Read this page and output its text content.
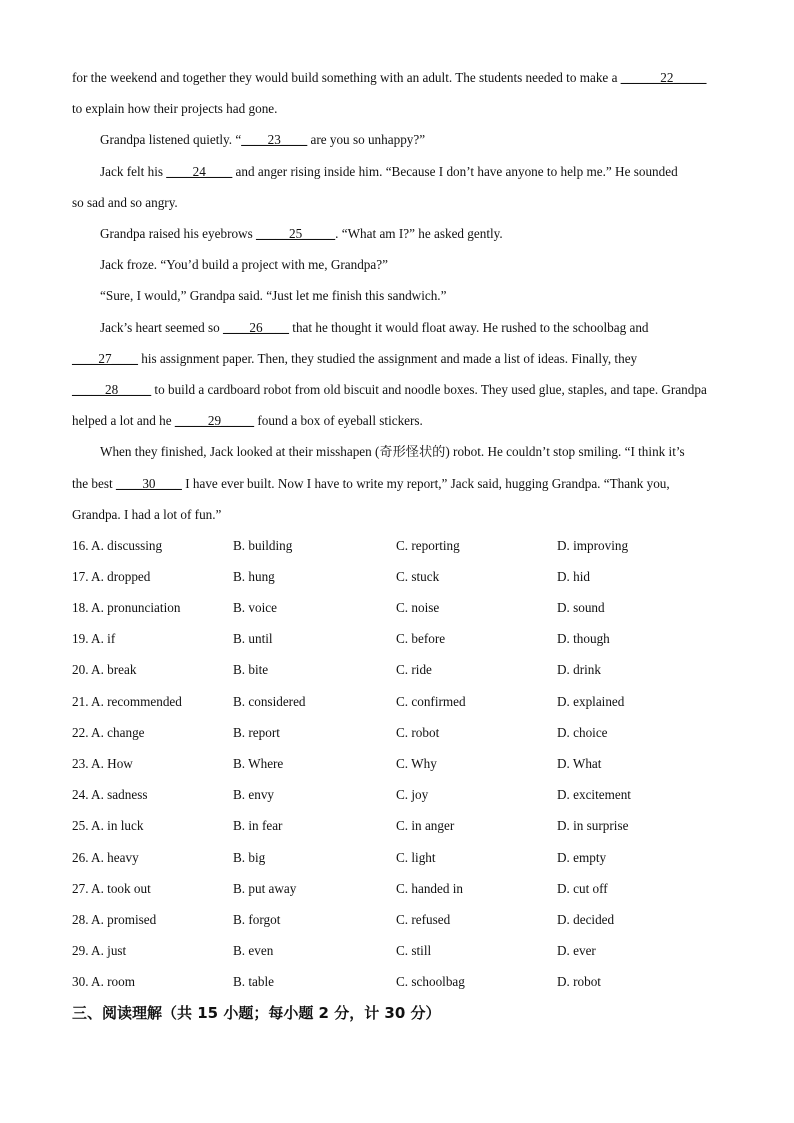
for the weekend and together they would build something with an adult. The students needed to make a ______22_____

to explain how their projects had gone.

Grandpa listened quietly. “____23____ are you so unhappy?”

Jack felt his ____24____ and anger rising inside him. “Because I don’t have anyone to help me.” He sounded

so sad and so angry.

Grandpa raised his eyebrows _____25_____. “What am I?” he asked gently.

Jack froze. “You’d build a project with me, Grandpa?”

“Sure, I would,” Grandpa said. “Just let me finish this sandwich.”

Jack’s heart seemed so ____26____ that he thought it would float away. He rushed to the schoolbag and

____27____ his assignment paper. Then, they studied the assignment and made a list of ideas. Finally, they

_____28_____ to build a cardboard robot from old biscuit and noodle boxes. They used glue, staples, and tape. Grandpa

helped a lot and he _____29_____ found a box of eyeball stickers.

When they finished, Jack looked at their misshapen (奇形怪状的) robot. He couldn’t stop smiling. “I think it’s

the best ____30____ I have ever built. Now I have to write my report,” Jack said, hugging Grandpa. “Thank you,

Grandpa. I had a lot of fun.”

16. A. discussing	B. building	C. reporting	D. improving
17. A. dropped	B. hung	C. stuck	D. hid
18. A. pronunciation	B. voice	C. noise	D. sound
19. A. if	B. until	C. before	D. though
20. A. break	B. bite	C. ride	D. drink
21. A. recommended	B. considered	C. confirmed	D. explained
22. A. change	B. report	C. robot	D. choice
23. A. How	B. Where	C. Why	D. What
24. A. sadness	B. envy	C. joy	D. excitement
25. A. in luck	B. in fear	C. in anger	D. in surprise
26. A. heavy	B. big	C. light	D. empty
27. A. took out	B. put away	C. handed in	D. cut off
28. A. promised	B. forgot	C. refused	D. decided
29. A. just	B. even	C. still	D. ever
30. A. room	B. table	C. schoolbag	D. robot
三、阅读理解（共 15 小题；每小题 2 分，计 30 分）
